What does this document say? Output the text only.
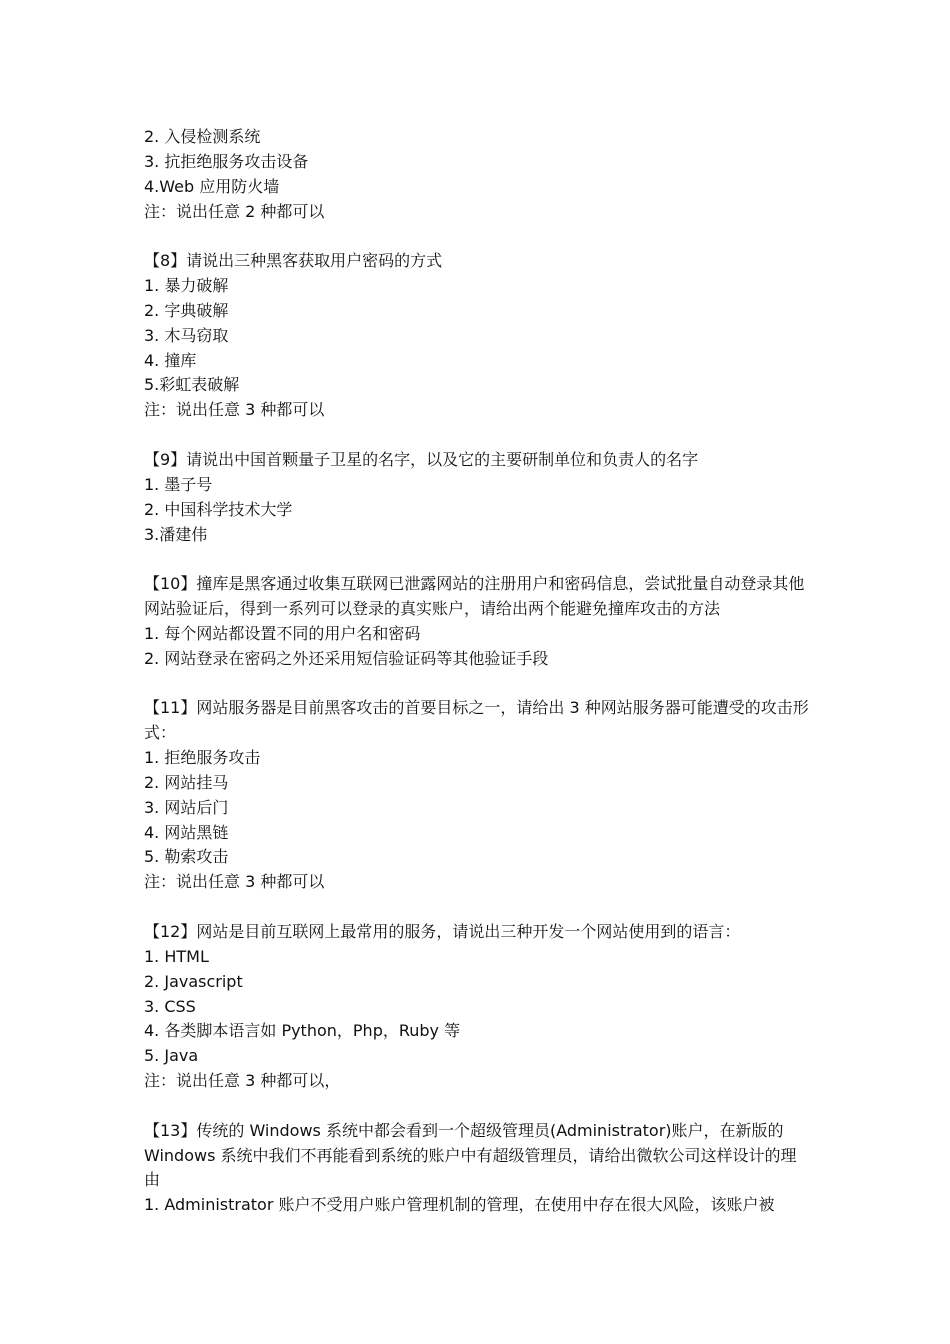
2. 入侵检测系统
3. 抗拒绝服务攻击设备
4.Web 应用防火墙
注：说出任意 2 种都可以
【8】请说出三种黑客获取用户密码的方式
1. 暴力破解
2. 字典破解
3. 木马窃取
4. 撞库
5.彩虹表破解
注：说出任意 3 种都可以
【9】请说出中国首颗量子卫星的名字，以及它的主要研制单位和负责人的名字
1. 墨子号
2. 中国科学技术大学
3.潘建伟
【10】撞库是黑客通过收集互联网已泄露网站的注册用户和密码信息，尝试批量自动登录其他网站验证后，得到一系列可以登录的真实账户，请给出两个能避免撞库攻击的方法
1. 每个网站都设置不同的用户名和密码
2. 网站登录在密码之外还采用短信验证码等其他验证手段
【11】网站服务器是目前黑客攻击的首要目标之一，请给出 3 种网站服务器可能遭受的攻击形式：
1. 拒绝服务攻击
2. 网站挂马
3. 网站后门
4. 网站黑链
5. 勒索攻击
注：说出任意 3 种都可以
【12】网站是目前互联网上最常用的服务，请说出三种开发一个网站使用到的语言：
1. HTML
2. Javascript
3. CSS
4. 各类脚本语言如 Python，Php，Ruby 等
5. Java
注：说出任意 3 种都可以，
【13】传统的 Windows 系统中都会看到一个超级管理员(Administrator)账户，在新版的 Windows 系统中我们不再能看到系统的账户中有超级管理员，请给出微软公司这样设计的理由
1. Administrator 账户不受用户账户管理机制的管理，在使用中存在很大风险，该账户被
